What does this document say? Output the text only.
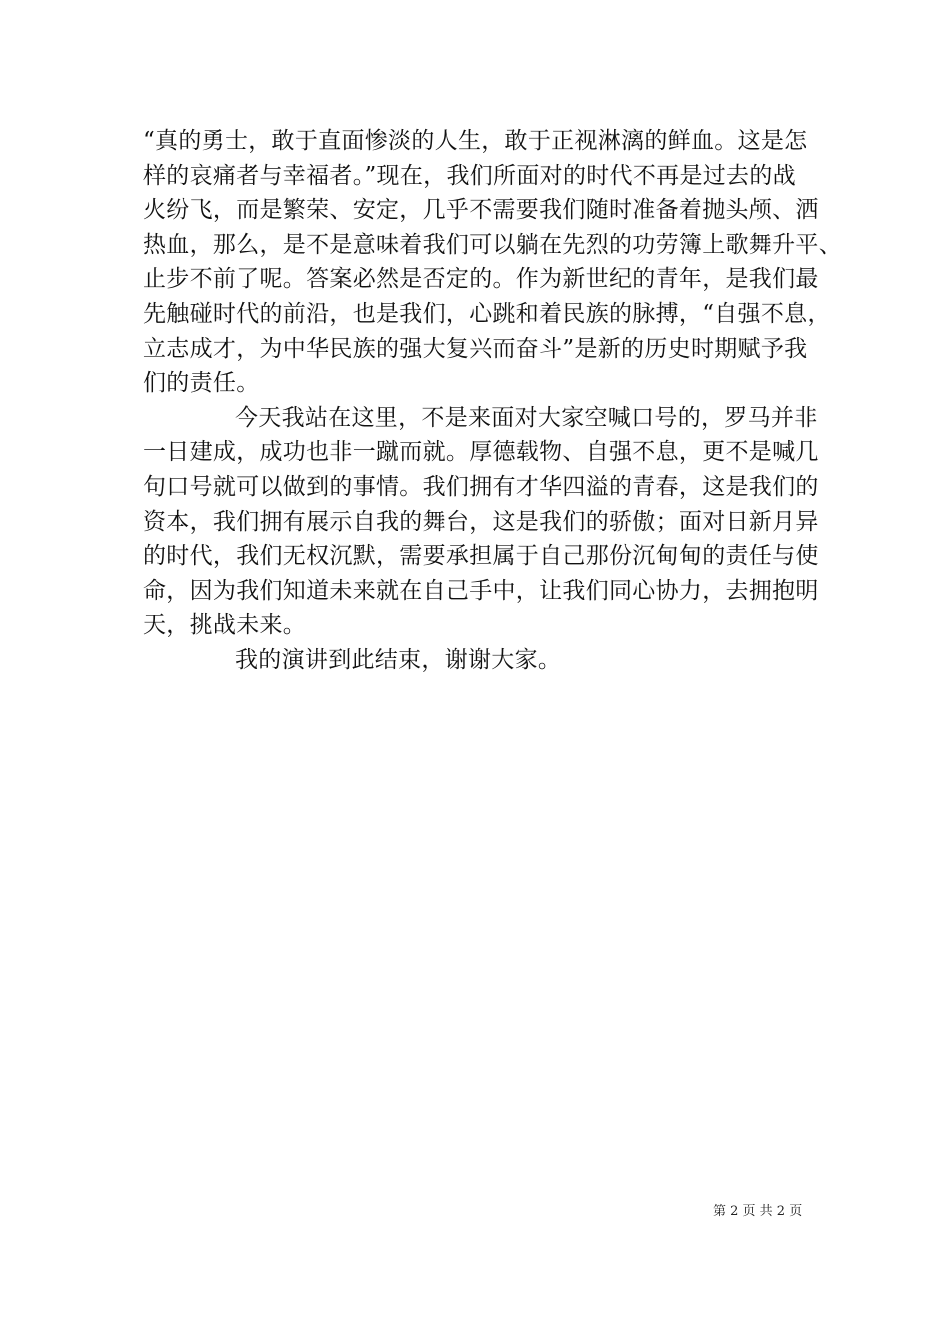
“真的勇士，敢于直面惨淡的人生，敢于正视淋漓的鲜血。这是怎
样的哀痛者与幸福者。”现在，我们所面对的时代不再是过去的战
火纷飞，而是繁荣、安定，几乎不需要我们随时准备着抛头颅、洒
热血，那么，是不是意味着我们可以躺在先烈的功劳簿上歌舞升平、
止步不前了呢。答案必然是否定的。作为新世纪的青年，是我们最
先触碰时代的前沿，也是我们，心跳和着民族的脉搏，“自强不息，
立志成才，为中华民族的强大复兴而奋斗”是新的历史时期赋予我
们的责任。
今天我站在这里，不是来面对大家空喊口号的，罗马并非
一日建成，成功也非一蹴而就。厚德载物、自强不息，更不是喊几
句口号就可以做到的事情。我们拥有才华四溢的青春，这是我们的
资本，我们拥有展示自我的舞台，这是我们的骄傲；面对日新月异
的时代，我们无权沉默，需要承担属于自己那份沉甸甸的责任与使
命，因为我们知道未来就在自己手中，让我们同心协力，去拥抱明
天，挑战未来。
我的演讲到此结束，谢谢大家。
第 2 页 共 2 页
